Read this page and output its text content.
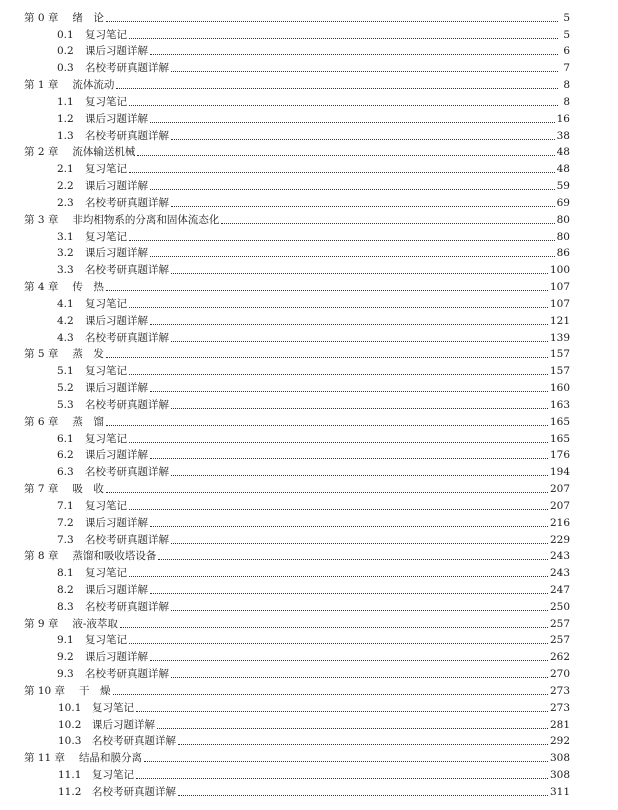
第 0 章	绪　论	5
0.1	复习笔记	5
0.2	课后习题详解	6
0.3	名校考研真题详解	7
第 1 章	流体流动	8
1.1	复习笔记	8
1.2	课后习题详解	16
1.3	名校考研真题详解	38
第 2 章	流体输送机械	48
2.1	复习笔记	48
2.2	课后习题详解	59
2.3	名校考研真题详解	69
第 3 章	非均相物系的分离和固体流态化	80
3.1	复习笔记	80
3.2	课后习题详解	86
3.3	名校考研真题详解	100
第 4 章	传　热	107
4.1	复习笔记	107
4.2	课后习题详解	121
4.3	名校考研真题详解	139
第 5 章	蒸　发	157
5.1	复习笔记	157
5.2	课后习题详解	160
5.3	名校考研真题详解	163
第 6 章	蒸　馏	165
6.1	复习笔记	165
6.2	课后习题详解	176
6.3	名校考研真题详解	194
第 7 章	吸　收	207
7.1	复习笔记	207
7.2	课后习题详解	216
7.3	名校考研真题详解	229
第 8 章	蒸馏和吸收塔设备	243
8.1	复习笔记	243
8.2	课后习题详解	247
8.3	名校考研真题详解	250
第 9 章	液-液萃取	257
9.1	复习笔记	257
9.2	课后习题详解	262
9.3	名校考研真题详解	270
第 10 章	干　燥	273
10.1	复习笔记	273
10.2	课后习题详解	281
10.3	名校考研真题详解	292
第 11 章	结晶和膜分离	308
11.1	复习笔记	308
11.2	名校考研真题详解	311
